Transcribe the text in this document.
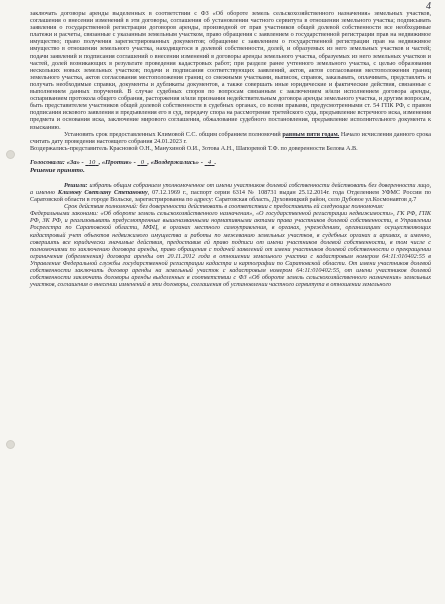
4

заключать договоры аренды выделенных в соответствии с ФЗ «Об обороте земель сельскохозяйственного назначения» земельных участков, соглашения о внесении изменений в эти договоры, соглашения об установлении частного сервитута в отношении земельного участка; подписывать заявления о государственной регистрации договоров аренды, производной от прав участников общей долевой собственности все необходимые платежи и расчеты, связанные с указанным земельным участком, право обращения с заявлением о государственной регистрации прав на недвижимое имущество; право получения зарегистрированных документов; обращение с заявлением о государственной регистрации прав на недвижимое имущество в отношении земельного участка, находящегося в долевой собственности, долей, и образуемых из него земельных участков и частей; подачи заявлений и подписания соглашений о внесении изменений в договоры аренды земельного участка, образуемых из него земельных участков и частей, долей возникающих в результате проведения кадастровых работ; при разделе ранее учтенного земельного участка, с целью образования нескольких новых земельных участков; подачи и подписания соответствующих заявлений, актов, актов согласования местоположения границ земельного участка, актов согласования местоположения границ со смежными участками, выписок, справок, заказывать, оплачивать, представлять и получать необходимые справки, документы и дубликаты документов, а также совершать иные юридические и фактические действия, связанные с выполнением данных поручений. В случае судебных споров по вопросам связанным с заключением и/или исполнением договора аренды, оспариванием протокола общего собрания, расторжения и/или признания недействительным договора аренды земельного участка, и другим вопросам, быть представителем участников общей долевой собственности в судебных органах, со всеми правами, предусмотренными ст. 54 ГПК РФ, с правом подписания искового заявления и предъявления его в суд, передачу спора на рассмотрение третейского суда, предъявление встречного иска, изменения предмета и основания иска, заключение мирового соглашения, обжалование судебного постановления, предъявление исполнительного документа к взысканию.

Установить срок предоставленных Климовой С.С. общим собранием полномочий равным пяти годам. Начало исчисления данного срока считать дату проведения настоящего собрания 24.01.2023 г.

Воздержались-представитель Красновой О.Н., Манухиной О.И., Зотова А.Н., Шапоревой Т.Ф. по доверенности Белова А.В.

Голосовали: «За» -   10 , «Против» -   0 , «Воздержались» -   4 .

Решение принято.

Решили: избрать общим собранием уполномоченное от имени участников долевой собственности действовать без доверенности лицо, а именно Климову Светлану Степановну, 07.12.1969 г., паспорт серии 6314 № 108731 выдан 25.12.2014г. года Отделением УФМС России по Саратовской области в городе Вольске, зарегистрированна по адресу: Саратовская область, Духовницкий район, село Дубовое ул.Космонавтов д.7

Срок действия полномочий: без доверенности действовать в соответствии с предоставить ей следующие полномочия:

Федеральными законами: «Об обороте земель сельскохозяйственного назначения», «О государственной регистрации недвижимости», ГК РФ, ГПК РФ, ЗК РФ, и реализовывать предусмотренные вышеназванными нормативными актами права участников долевой собственности, в Управлении Росреестра по Саратовской области, МФЦ, в органах местного самоуправления, в органах, учреждениях, организациях осуществляющих кадастровый учет объектов недвижимого имущества и работы по межеванию земельных участков, в судебных органах и архивах, и именно, совершить все юридически значимые действия, предоставив ей право подписи от имени участников долевой собственности, в том числе с полномочиями по заключению договора аренды, право обращения с подачей заявлений от имени участников долевой собственности о прекращении ограничения (обременения) договора аренды от 20.11.2012 года в отношении земельного участка с кадастровым номером 64:11:010402:55 в Управление Федеральной службы государственной регистрации кадастра и картографии по Саратовской области. От имени участников долевой собственности заключить договор аренды на земельный участок с кадастровым номером 64:11:010402:55, от имени участников долевой собственности заключать договоры аренды выделенных в соответствии с ФЗ «Об обороте земель сельскохозяйственного назначения» земельных участков, соглашения о внесении изменений в эти договоры, соглашения об установлении частного сервитута в отношении земельного
